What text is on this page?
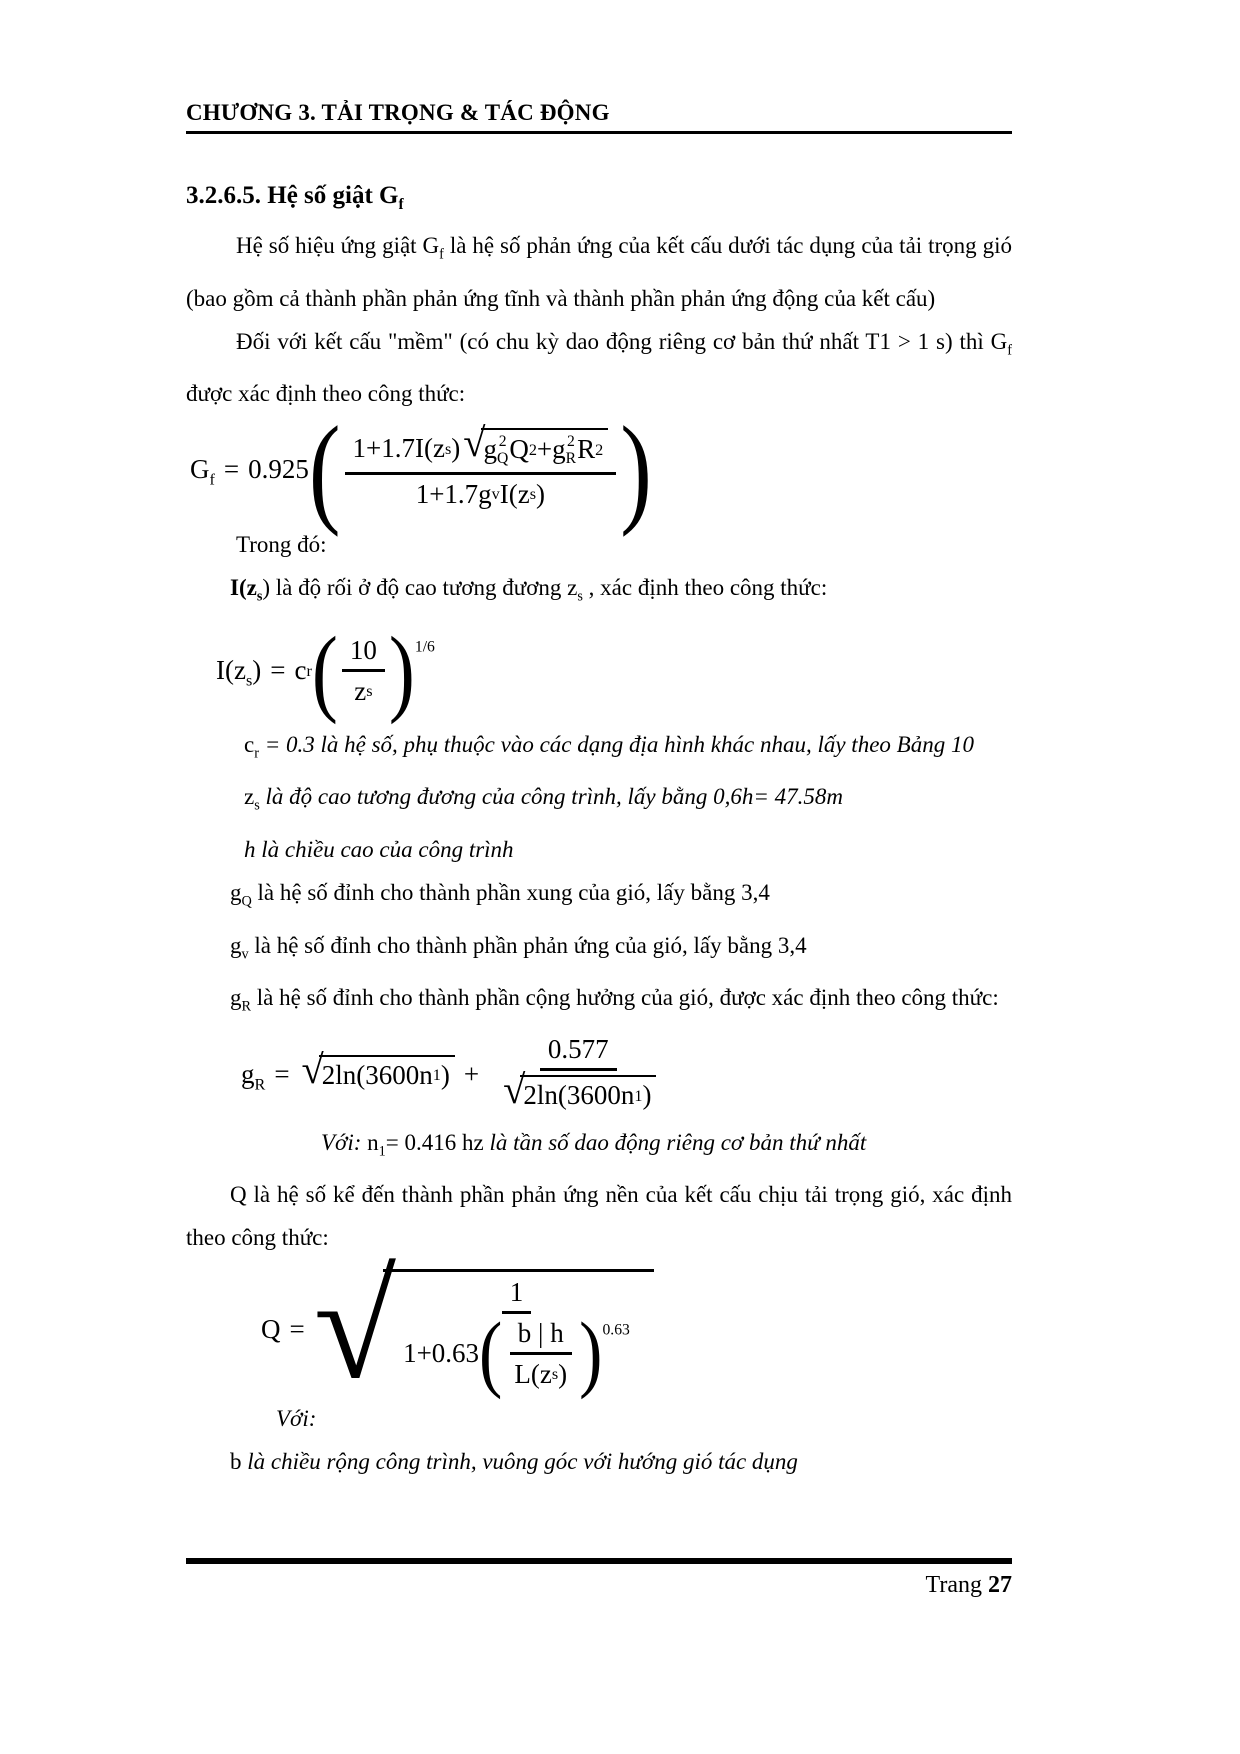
CHƯƠNG 3. TẢI TRỌNG & TÁC ĐỘNG
3.2.6.5. Hệ số giật $G_f$

Hệ số hiệu ứng giật $G_f$ là hệ số phản ứng của kết cấu dưới tác dụng của tải trọng gió (bao gồm cả thành phần phản ứng tĩnh và thành phần phản ứng động của kết cấu)

Đối với kết cấu "mềm" (có chu kỳ dao động riêng cơ bản thứ nhất T1 > 1 s) thì $G_f$ được xác định theo công thức:

$G_f = 0.925$ ( 1+1.7I(z s ) √
g 2
Q Q 2 + g 2
R R 2
1+1.7g v I(z s ) )

Trong đó:

$I(z_s)$ là độ rối ở độ cao tương đương $z_s$ , xác định theo công thức:

$I(z_s) = c$ r ( $\frac{10}{\text{z s}}$ ) 1/6

$c_r = 0.3$ là hệ số, phụ thuộc vào các dạng địa hình khác nhau, lấy theo Bảng 10

$z_s$ là độ cao tương đương của công trình, lấy bằng 0,6h= 47.58m

h là chiều cao của công trình

$g_Q$ là hệ số đỉnh cho thành phần xung của gió, lấy bằng 3,4

$g_v$ là hệ số đỉnh cho thành phần phản ứng của gió, lấy bằng 3,4

$g_R$ là hệ số đỉnh cho thành phần cộng hưởng của gió, được xác định theo công thức:

$g_R$ = √
2ln(3600n 1 ) + 0.577
√
2ln(3600n 1 )

Với: $n_1= 0.416$ hz là tần số dao động riêng cơ bản thứ nhất

Q là hệ số kể đến thành phần phản ứng nền của kết cấu chịu tải trọng gió, xác định theo công thức:

Q = √	1
1+0.63 ( $\frac{b | h}{\text{L(z s )}}$ ) 0.63

Với:

b là chiều rộng công trình, vuông góc với hướng gió tác dụng

Trang 27
